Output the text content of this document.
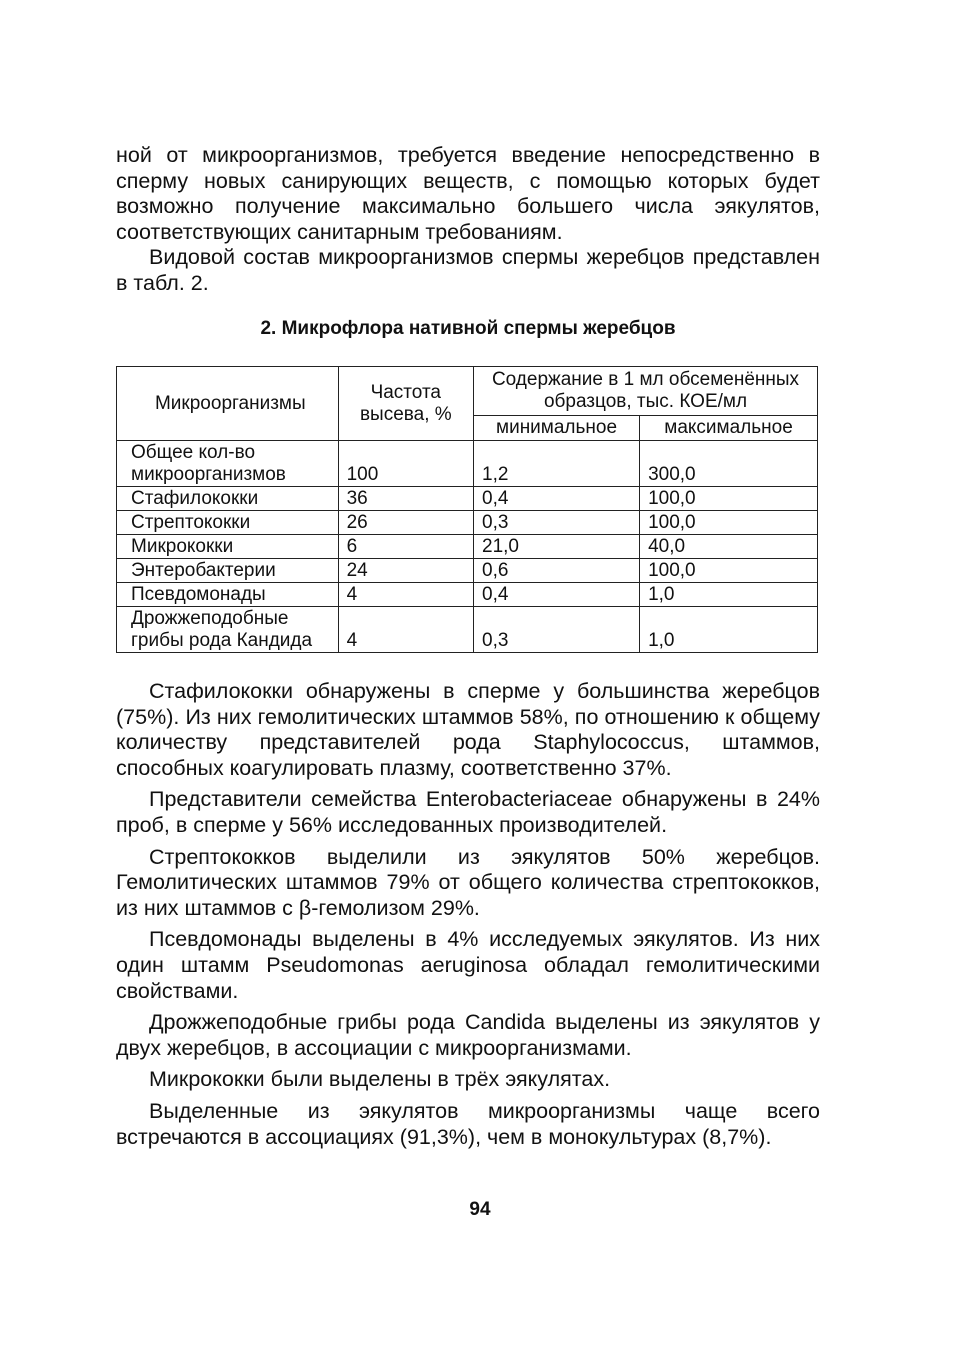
ной от микроорганизмов, требуется введение непосредственно в сперму новых санирующих веществ, с помощью которых будет возможно получение максимально большего числа эякулятов, соответствующих санитарным требованиям.

Видовой состав микроорганизмов спермы жеребцов представлен в табл. 2.

2. Микрофлора нативной спермы жеребцов
Микроорганизмы	Частота высева, %	Содержание в 1 мл обсеменённых образцов, тыс. КОЕ/мл	
		минимальное	максимальное
Общее кол-во микроорганизмов	100	1,2	300,0
Стафилококки	36	0,4	100,0
Стрептококки	26	0,3	100,0
Микрококки	6	21,0	40,0
Энтеробактерии	24	0,6	100,0
Псевдомонады	4	0,4	1,0
Дрожжеподобные грибы рода Кандида	4	0,3	1,0

Стафилококки обнаружены в сперме у большинства жеребцов (75%). Из них гемолитических штаммов 58%, по отношению к общему количеству представителей рода Staphylococcus, штаммов, способных коагулировать плазму, соответственно 37%.

Представители семейства Enterobacteriaceae обнаружены в 24% проб, в сперме у 56% исследованных производителей.

Стрептококков выделили из эякулятов 50% жеребцов. Гемолитических штаммов 79% от общего количества стрептококков, из них штаммов с β-гемолизом 29%.

Псевдомонады выделены в 4% исследуемых эякулятов. Из них один штамм Pseudomonas aeruginosa обладал гемолитическими свойствами.

Дрожжеподобные грибы рода Candida выделены из эякулятов у двух жеребцов, в ассоциации с микроорганизмами.

Микрококки были выделены в трёх эякулятах.

Выделенные из эякулятов микроорганизмы чаще всего встречаются в ассоциациях (91,3%), чем в монокультурах (8,7%).

94
